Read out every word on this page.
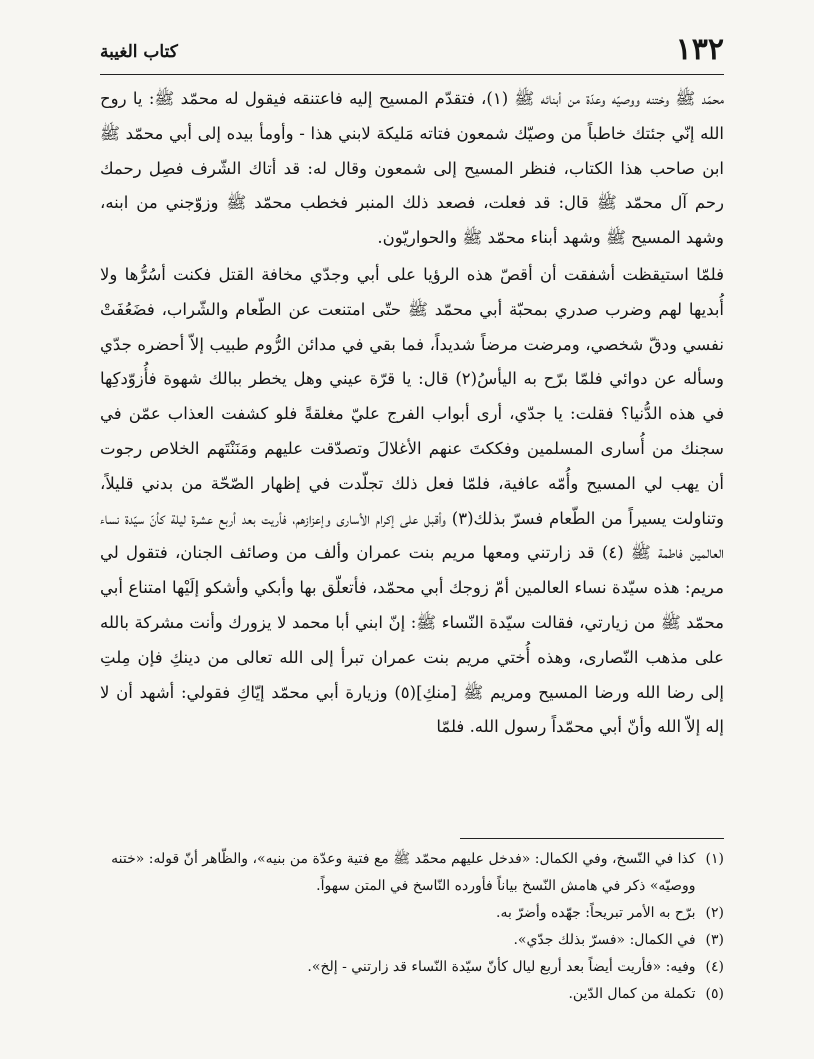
١٣٢
كتاب الغيبة

محمّد ﷺ وختنه ووصيّه وعدّة من أبنائه ﷺ (١)، فتقدّم المسيح إليه فاعتنقه فيقول له محمّد ﷺ: يا روح الله إنّي جئتك خاطباً من وصيّك شمعون فتاته مَليكة لابني هذا - وأومأ بيده إلى أبي محمّد ﷺ ابن صاحب هذا الكتاب، فنظر المسيح إلى شمعون وقال له: قد أتاك الشّرف فصِل رحمك رحم آل محمّد ﷺ قال: قد فعلت، فصعد ذلك المنبر فخطب محمّد ﷺ وزوّجني من ابنه، وشهد المسيح ﷺ وشهد أبناء محمّد ﷺ والحواريّون.

فلمّا استيقظت أشفقت أن أقصّ هذه الرؤيا على أبي وجدّي مخافة القتل فكنت أسُرُّها ولا أُبديها لهم وضرب صدري بمحبّة أبي محمّد ﷺ حتّى امتنعت عن الطّعام والشّراب، فضَعُفَتْ نفسي ودقّ شخصي، ومرضت مرضاً شديداً، فما بقي في مدائن الرُّوم طبيب إلاّ أحضره جدّي وسأله عن دوائي فلمّا برّح به اليأسُ(٢) قال: يا قرّة عيني وهل يخطر ببالك شهوة فأُزوّدكِها في هذه الدُّنيا؟ فقلت: يا جدّي، أرى أبواب الفرج عليّ مغلقةً فلو كشفت العذاب عمّن في سجنك من أُسارى المسلمين وفككتَ عنهم الأغلالَ وتصدّقت عليهم ومَنَنْتَهم الخلاص رجوت أن يهب لي المسيح وأُمّه عافية، فلمّا فعل ذلك تجلّدت في إظهار الصّحّة من بدني قليلاً، وتناولت يسيراً من الطّعام فسرّ بذلك(٣) وأقبل على إكرام الأسارى وإعزازهم، فأريت بعد أربع عشرة ليلة كأنّ سيّدة نساء العالمين فاطمة ﷺ (٤) قد زارتني ومعها مريم بنت عمران وألف من وصائف الجنان، فتقول لي مريم: هذه سيّدة نساء العالمين أمّ زوجك أبي محمّد، فأتعلّق بها وأبكي وأشكو إلَيْها امتناع أبي محمّد ﷺ من زيارتي، فقالت سيّدة النّساء ﷺ: إنّ ابني أبا محمد لا يزورك وأنت مشركة بالله على مذهب النّصارى، وهذه أُختي مريم بنت عمران تبرأ إلى الله تعالى من دينكِ فإن مِلتِ إلى رضا الله ورضا المسيح ومريم ﷺ [منكِ](٥) وزيارة أبي محمّد إيّاكِ فقولي: أشهد أن لا إله إلاّ الله وأنّ أبي محمّداً رسول الله. فلمّا

(١)
كذا في النّسخ، وفي الكمال: «فدخل عليهم محمّد ﷺ مع فتية وعدّة من بنيه»، والظّاهر أنّ قوله: «ختنه ووصيّه» ذكر في هامش النّسخ بياناً فأورده النّاسخ في المتن سهواً.
(٢)
برّح به الأمر تبريحاً: جهّده وأضرّ به.
(٣)
في الكمال: «فسرّ بذلك جدّي».
(٤)
وفيه: «فأريت أيضاً بعد أربع ليال كأنّ سيّدة النّساء قد زارتني - إلخ».
(٥)
تكملة من كمال الدّين.
